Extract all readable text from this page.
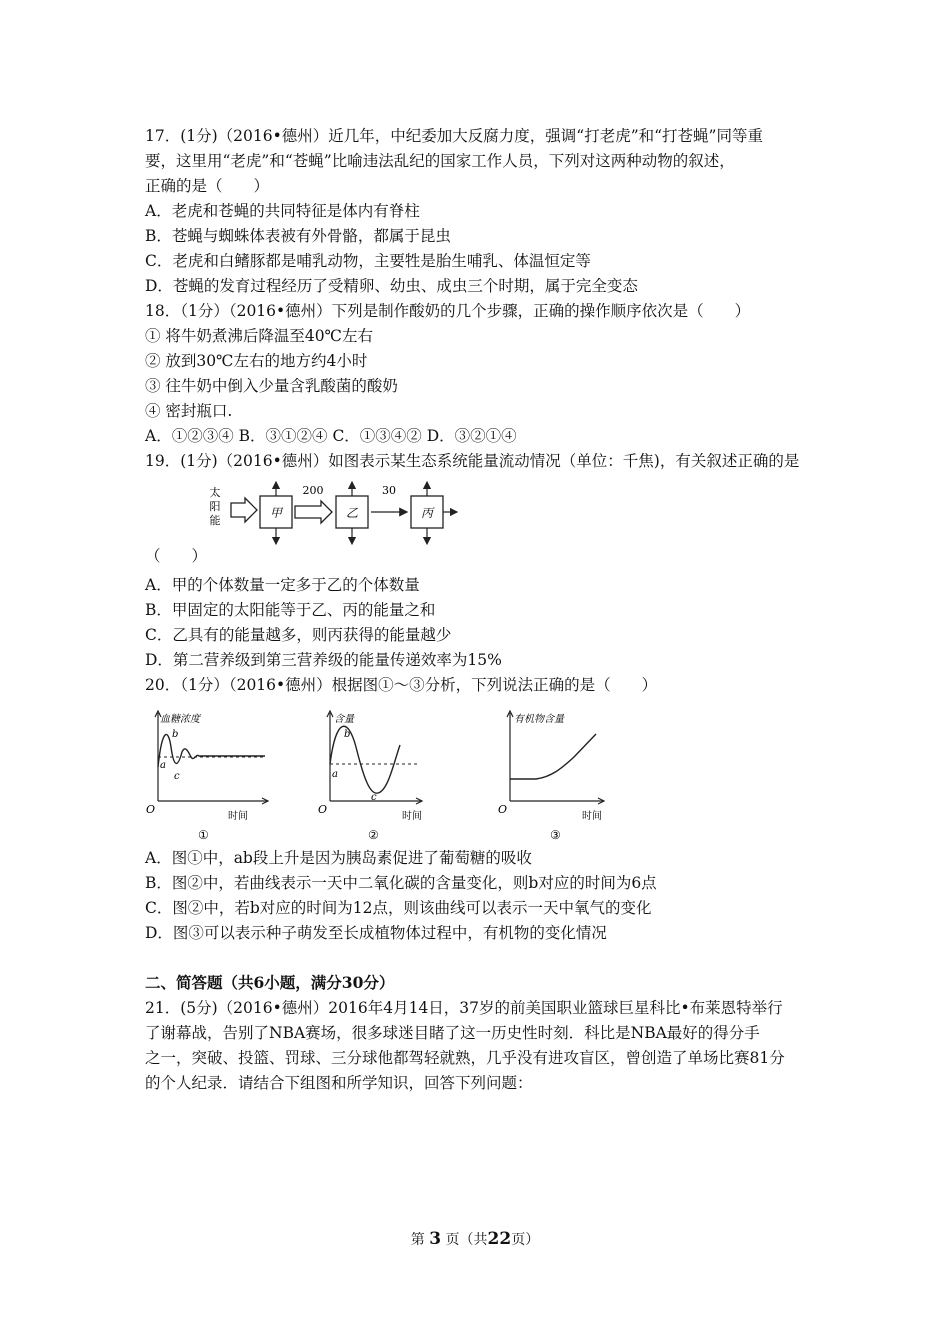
17．(1分)（2016•德州）近几年，中纪委加大反腐力度，强调“打老虎”和“打苍蝇”同等重
要，这里用“老虎”和“苍蝇”比喻违法乱纪的国家工作人员，下列对这两种动物的叙述，
正确的是（　　）
A．老虎和苍蝇的共同特征是体内有脊柱
B．苍蝇与蜘蛛体表被有外骨骼，都属于昆虫
C．老虎和白鳍豚都是哺乳动物，主要牲是胎生哺乳、体温恒定等
D．苍蝇的发育过程经历了受精卵、幼虫、成虫三个时期，属于完全变态
18．（1分）（2016•德州）下列是制作酸奶的几个步骤，正确的操作顺序依次是（　　）
① 将牛奶煮沸后降温至40℃左右
② 放到30℃左右的地方约4小时
③ 往牛奶中倒入少量含乳酸菌的酸奶
④ 密封瓶口.
A．①②③④ B．③①②④ C．①③④② D．③②①④
19．(1分)（2016•德州）如图表示某生态系统能量流动情况（单位：千焦)，有关叙述正确的是
太
阳
能
甲
200
乙
30
丙
（　　）
A．甲的个体数量一定多于乙的个体数量
B．甲固定的太阳能等于乙、丙的能量之和
C．乙具有的能量越多，则丙获得的能量越少
D．第二营养级到第三营养级的能量传递效率为15%
20．（1分）（2016•德州）根据图①～③分析，下列说法正确的是（　　）
血糖浓度
b
a
c
O
时间
①
含量
b
a
c
O
时间
②
有机物含量
O
时间
③
A．图①中，ab段上升是因为胰岛素促进了葡萄糖的吸收
B．图②中，若曲线表示一天中二氧化碳的含量变化，则b对应的时间为6点
C．图②中，若b对应的时间为12点，则该曲线可以表示一天中氧气的变化
D．图③可以表示种子萌发至长成植物体过程中，有机物的变化情况
二、简答题（共6小题，满分30分）
21．(5分)（2016•德州）2016年4月14日，37岁的前美国职业篮球巨星科比•布莱恩特举行
了谢幕战，告别了NBA赛场，很多球迷目睹了这一历史性时刻．科比是NBA最好的得分手
之一，突破、投篮、罚球、三分球他都驾轻就熟，几乎没有进攻盲区，曾创造了单场比赛81分
的个人纪录．请结合下组图和所学知识，回答下列问题：
第 3 页（共22页）
